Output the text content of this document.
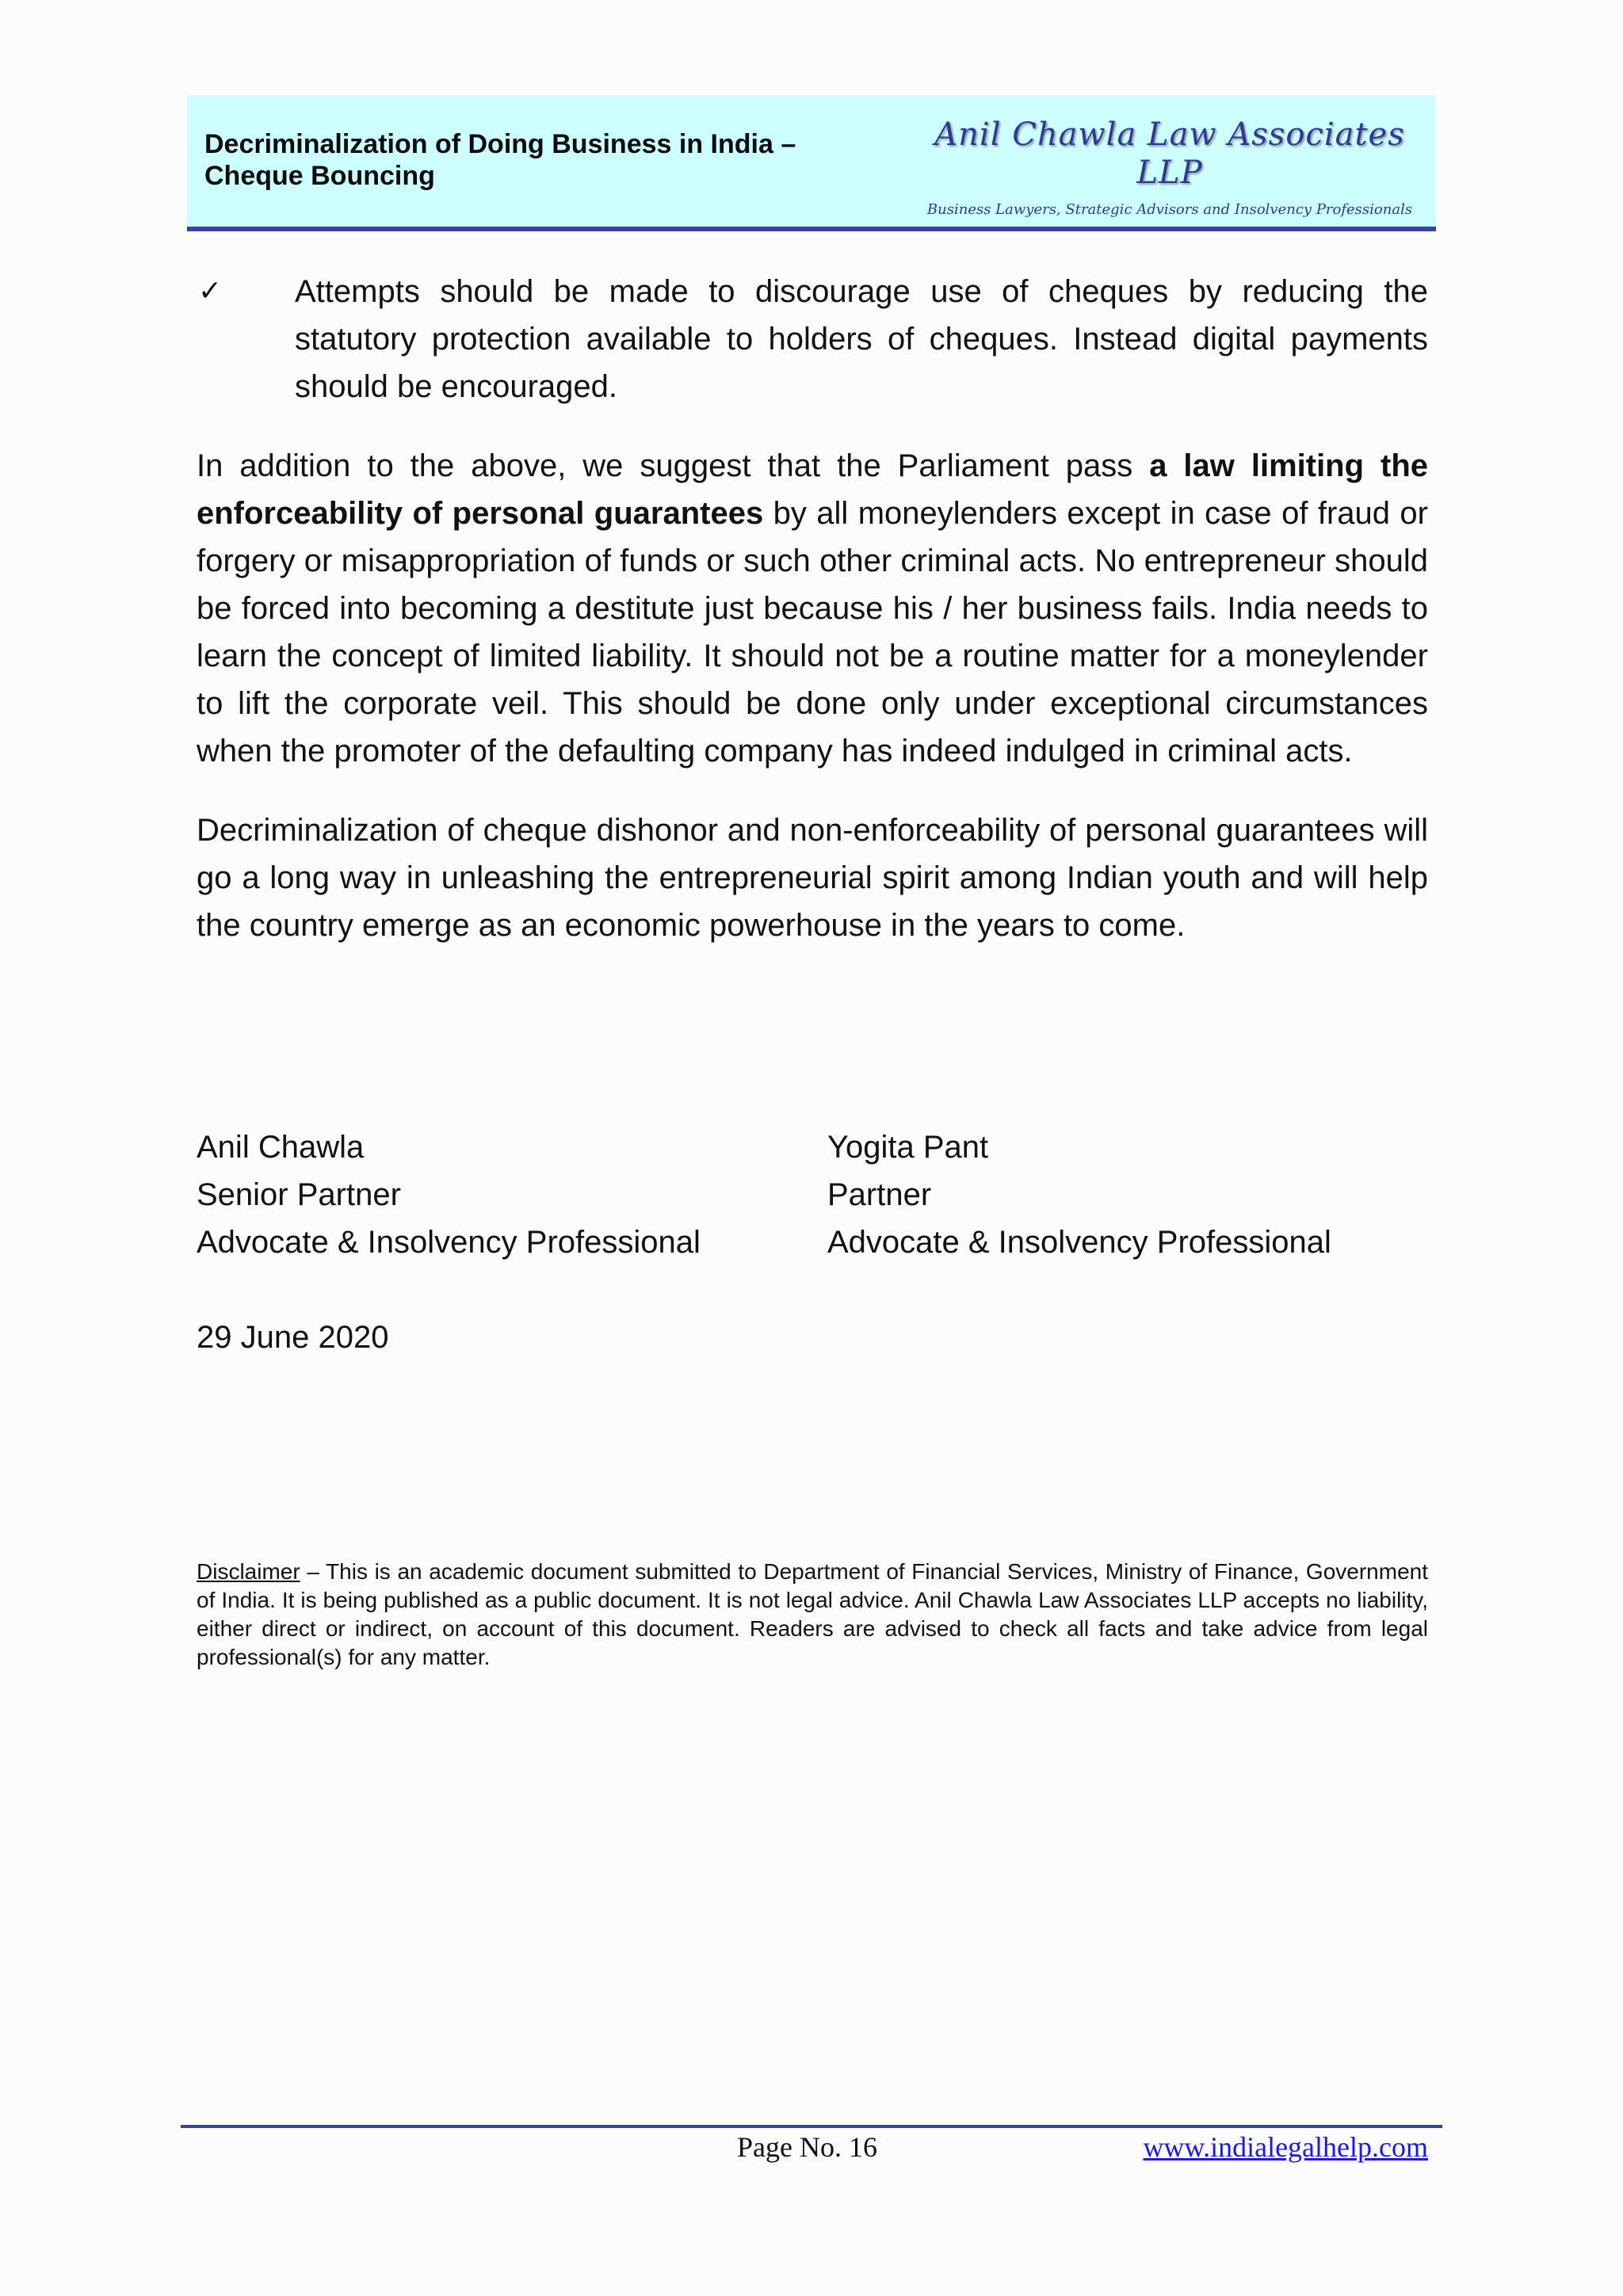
Decriminalization of Doing Business in India –
Cheque Bouncing
Anil Chawla Law Associates LLP
Business Lawyers, Strategic Advisors and Insolvency Professionals
✓ Attempts should be made to discourage use of cheques by reducing the statutory protection available to holders of cheques. Instead digital payments should be encouraged.
In addition to the above, we suggest that the Parliament pass a law limiting the enforceability of personal guarantees by all moneylenders except in case of fraud or forgery or misappropriation of funds or such other criminal acts. No entrepreneur should be forced into becoming a destitute just because his / her business fails. India needs to learn the concept of limited liability. It should not be a routine matter for a moneylender to lift the corporate veil. This should be done only under exceptional circumstances when the promoter of the defaulting company has indeed indulged in criminal acts.
Decriminalization of cheque dishonor and non-enforceability of personal guarantees will go a long way in unleashing the entrepreneurial spirit among Indian youth and will help the country emerge as an economic powerhouse in the years to come.
Anil Chawla
Senior Partner
Advocate & Insolvency Professional
Yogita Pant
Partner
Advocate & Insolvency Professional
29 June 2020
Disclaimer – This is an academic document submitted to Department of Financial Services, Ministry of Finance, Government of India. It is being published as a public document. It is not legal advice. Anil Chawla Law Associates LLP accepts no liability, either direct or indirect, on account of this document. Readers are advised to check all facts and take advice from legal professional(s) for any matter.
Page No. 16	www.indialegalhelp.com
